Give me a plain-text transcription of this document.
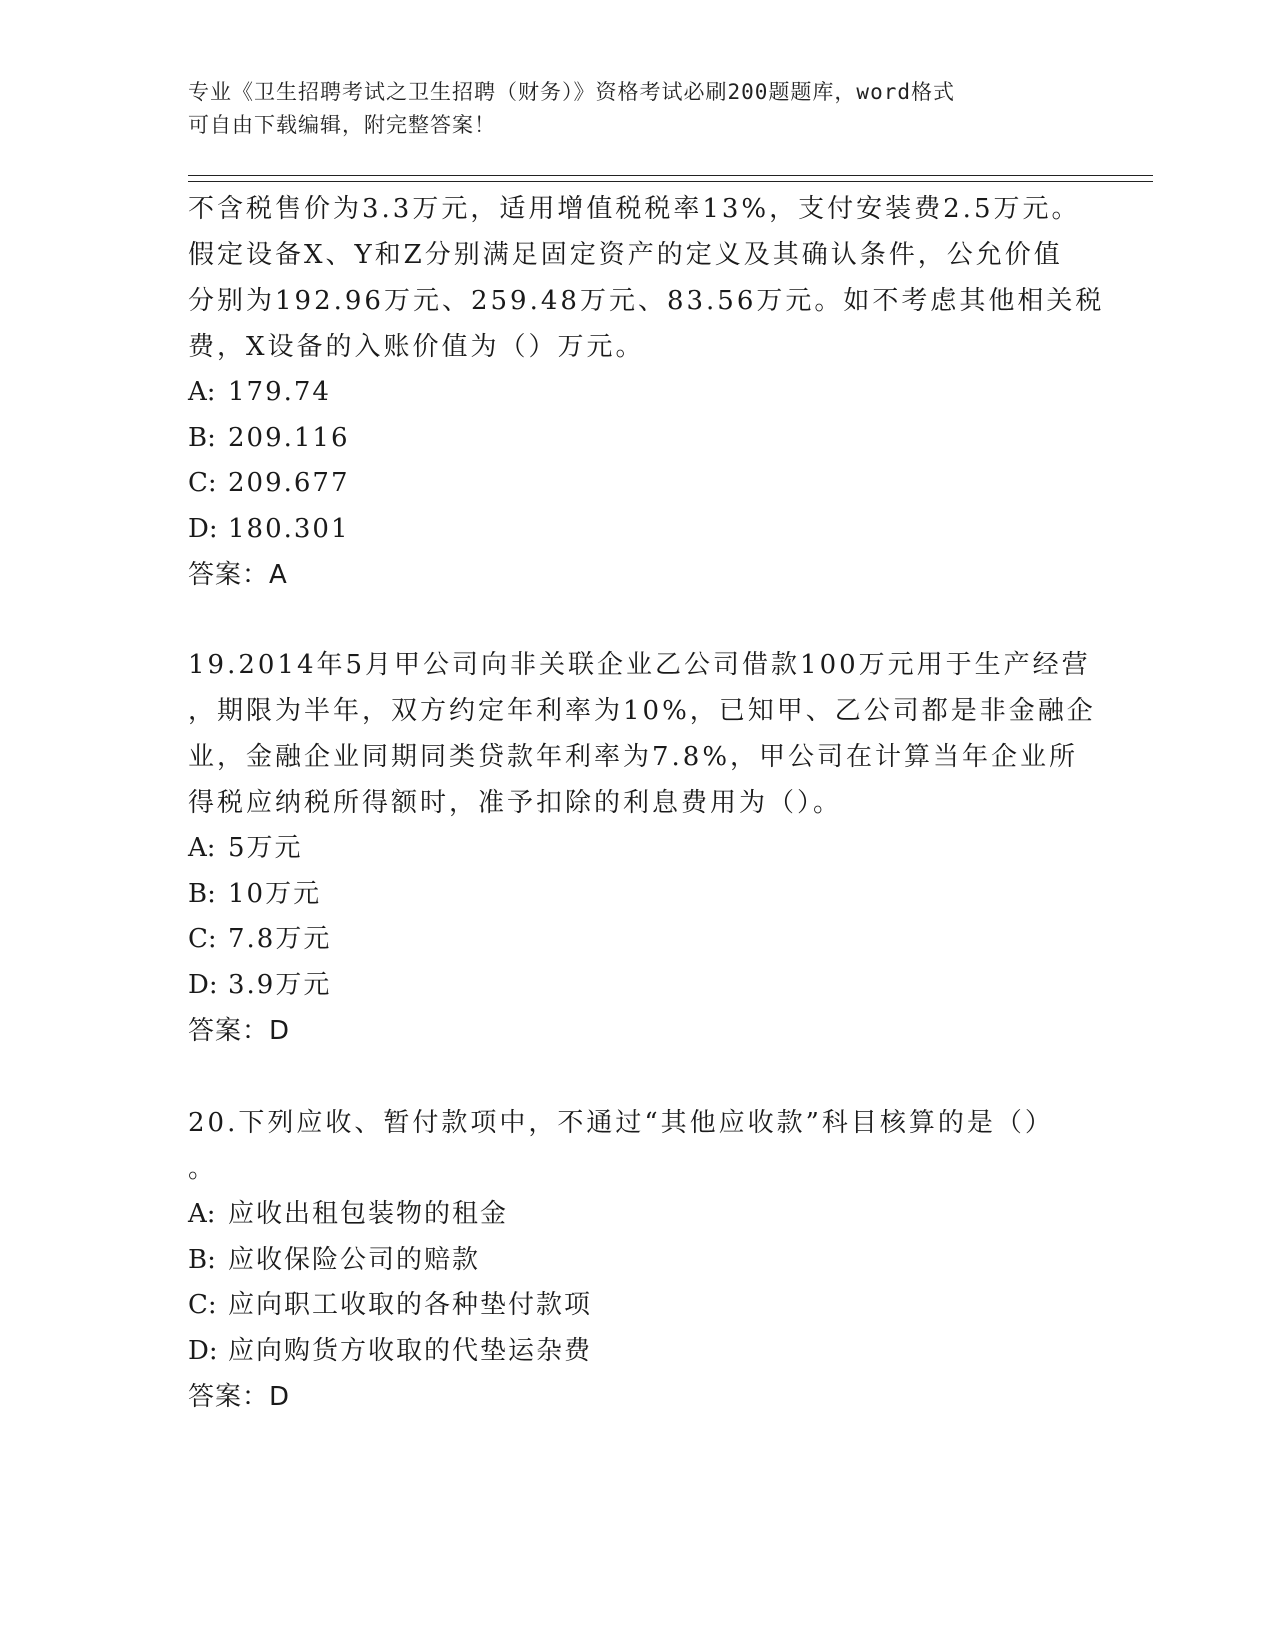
专业《卫生招聘考试之卫生招聘（财务）》资格考试必刷200题题库，word格式
可自由下载编辑，附完整答案！
不含税售价为3.3万元，适用增值税税率13%，支付安装费2.5万元。
假定设备X、Y和Z分别满足固定资产的定义及其确认条件，公允价值
分别为192.96万元、259.48万元、83.56万元。如不考虑其他相关税
费，X设备的入账价值为（）万元。
A: 179.74
B: 209.116
C: 209.677
D: 180.301
答案：A
19.2014年5月甲公司向非关联企业乙公司借款100万元用于生产经营
，期限为半年，双方约定年利率为10%，已知甲、乙公司都是非金融企
业，金融企业同期同类贷款年利率为7.8%，甲公司在计算当年企业所
得税应纳税所得额时，准予扣除的利息费用为（）。
A: 5万元
B: 10万元
C: 7.8万元
D: 3.9万元
答案：D
20.下列应收、暂付款项中，不通过“其他应收款”科目核算的是（）
。
A: 应收出租包装物的租金
B: 应收保险公司的赔款
C: 应向职工收取的各种垫付款项
D: 应向购货方收取的代垫运杂费
答案：D
